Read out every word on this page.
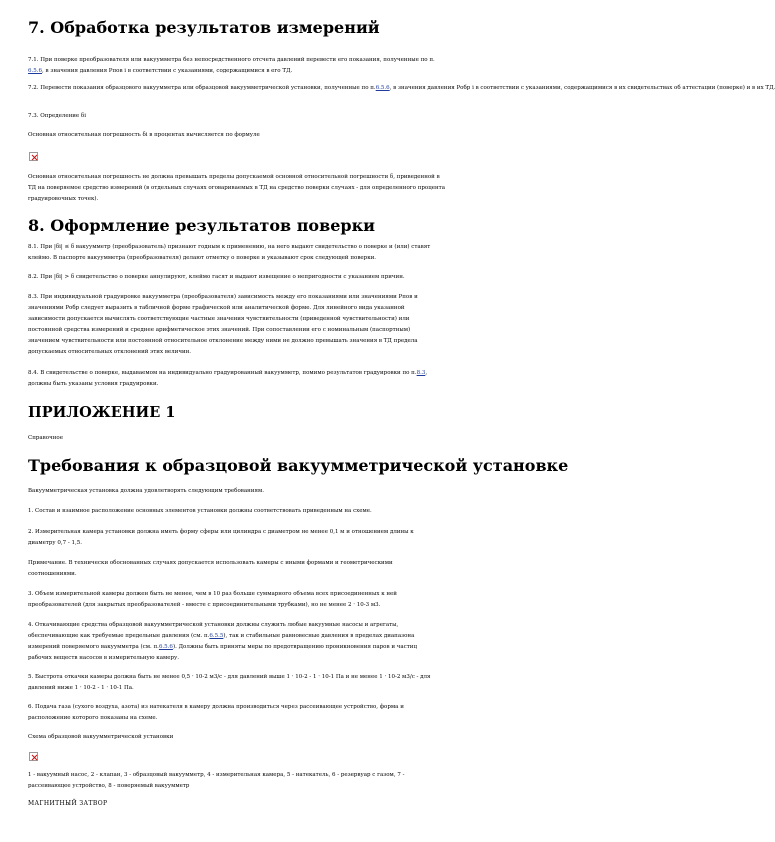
7. Обработка результатов измерений

7.1. При поверке преобразователя или вакуумметра без непосредственного отсчета давлений перевести его показания, полученные по п.

6.5.6, в значения давления Pпов i в соответствии с указаниями, содержащимися в его ТД.

7.2. Перевести показания образцового вакуумметра или образцовой вакуумметрической установки, полученные по п.6.5.6, в значения давления Pобр i в соответствии с указаниями, содержащимися в их свидетельствах об аттестации (поверке) и в их ТД.

7.3. Определение δi

Основная относительная погрешность δi в процентах вычисляется по формуле

Основная относительная погрешность не должна превышать пределы допускаемой основной относительной погрешности δ, приведенной в

ТД на поверяемое средство измерений (в отдельных случаях оговариваемых в ТД на средство поверки случаях - для определенного процента

градуировочных точек).

8. Оформление результатов поверки

8.1. При |δi| ≤ δ вакуумметр (преобразователь) признают годным к применению, на него выдают свидетельство о поверке и (или) ставят

клеймо. В паспорте вакуумметра (преобразователя) делают отметку о поверке и указывают срок следующей поверки.

8.2. При |δi| > δ свидетельство о поверке аннулируют, клеймо гасят и выдают извещение о непригодности с указанием причин.

8.3. При индивидуальной градуировке вакуумметра (преобразователя) зависимость между его показаниями или значениями Pпов и

значениями Pобр следует выразить в табличной форме графической или аналитической форме. Для линейного вида указанной

зависимости допускается вычислять соответствующие частные значения чувствительности (приведенной чувствительности) или

постоянной средства измерений и среднее арифметическое этих значений. При сопоставлении его с номинальным (паспортным)

значением чувствительности или постоянной относительное отклонение между ними не должно превышать значения в ТД предела

допускаемых относительных отклонений этих величин.

8.4. В свидетельстве о поверке, выдаваемом на индивидуально градуированный вакуумметр, помимо результатов градуировки по п.8.3,

должны быть указаны условия градуировки.

ПРИЛОЖЕНИЕ 1

Справочное

Требования к образцовой вакуумметрической установке

Вакуумметрическая установка должна удовлетворять следующим требованиям.

1. Состав и взаимное расположение основных элементов установки должны соответствовать приведенным на схеме.

2. Измерительная камера установки должна иметь форму сферы или цилиндра с диаметром не менее 0,1 м и отношением длины к

диаметру 0,7 - 1,5.

Примечание. В технически обоснованных случаях допускается использовать камеры с иными формами и геометрическими

соотношениями.

3. Объем измерительной камеры должен быть не менее, чем в 10 раз больше суммарного объема всех присоединенных к ней

преобразователей (для закрытых преобразователей - вместе с присоединительными трубками), но не менее 2 · 10-3 м3.

4. Откачивающие средства образцовой вакуумметрической установки должны служить любые вакуумные насосы и агрегаты,

обеспечивающие как требуемые предельные давления (см. п.6.5.5), так и стабильные равновесные давления в пределах диапазона

измерений поверяемого вакуумметра (см. п.6.5.6). Должны быть приняты меры по предотвращению проникновения паров и частиц

рабочих веществ насосов в измерительную камеру.

5. Быстрота откачки камеры должна быть не менее 0,5 · 10-2 м3/с - для давлений выше 1 · 10-2 - 1 · 10-1 Па и не менее 1 · 10-2 м3/с - для

давлений ниже 1 · 10-2 - 1 · 10-1 Па.

6. Подача газа (сухого воздуха, азота) из натекателя в камеру должна производиться через рассеивающее устройство, форма и

расположение которого показаны на схеме.

Схема образцовой вакуумметрической установки

1 - вакуумный насос, 2 - клапан, 3 - образцовый вакуумметр, 4 - измерительная камера, 5 - натекатель, 6 - резервуар с газом, 7 -

рассеивающее устройство, 8 - поверяемый вакуумметр

МАГНИТНЫЙ ЗАТВОР
